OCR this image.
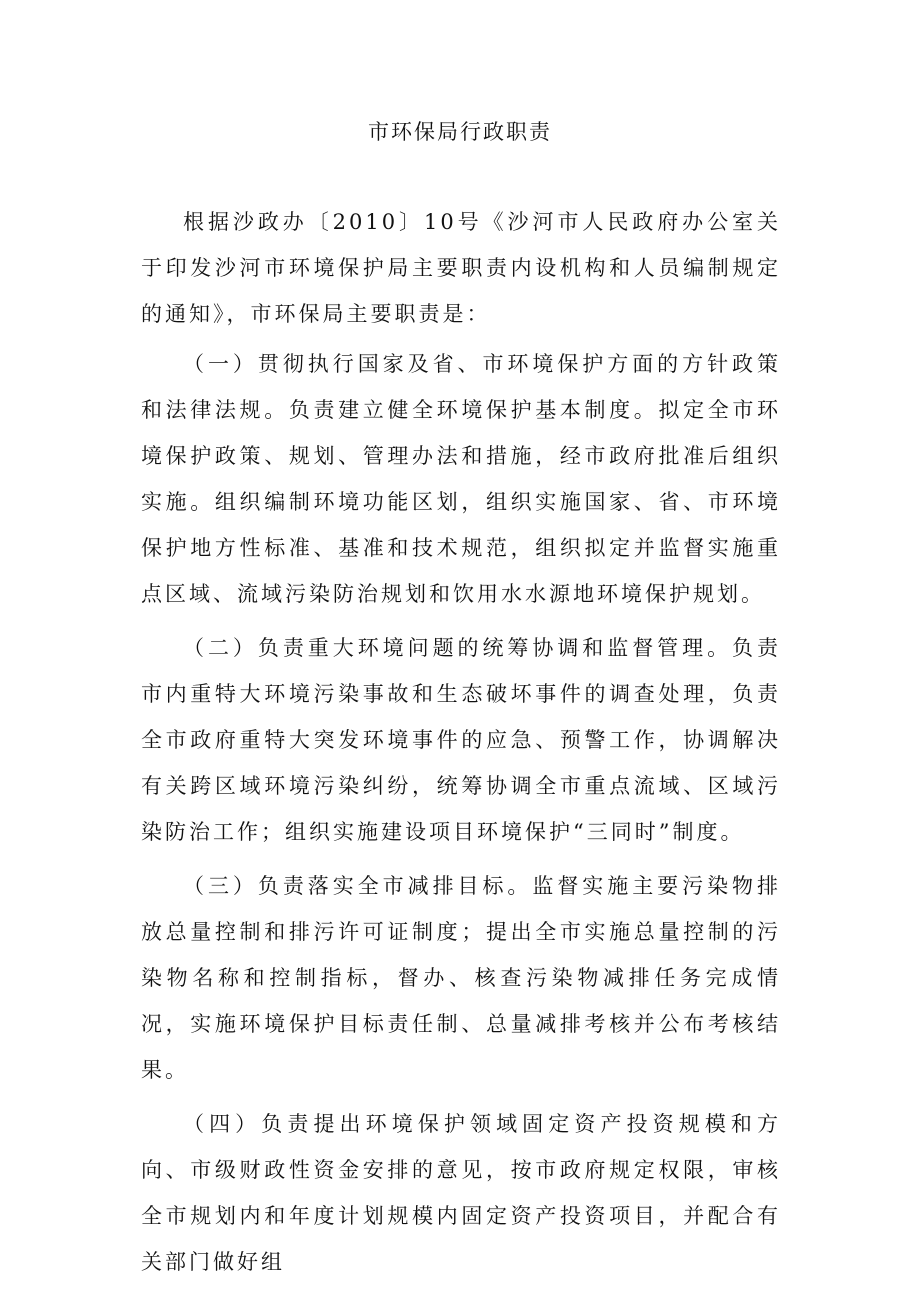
市环保局行政职责

根据沙政办〔2010〕10号《沙河市人民政府办公室关于印发沙河市环境保护局主要职责内设机构和人员编制规定的通知》，市环保局主要职责是：

（一）贯彻执行国家及省、市环境保护方面的方针政策和法律法规。负责建立健全环境保护基本制度。拟定全市环境保护政策、规划、管理办法和措施，经市政府批准后组织实施。组织编制环境功能区划，组织实施国家、省、市环境保护地方性标准、基准和技术规范，组织拟定并监督实施重点区域、流域污染防治规划和饮用水水源地环境保护规划。

（二）负责重大环境问题的统筹协调和监督管理。负责市内重特大环境污染事故和生态破坏事件的调查处理，负责全市政府重特大突发环境事件的应急、预警工作，协调解决有关跨区域环境污染纠纷，统筹协调全市重点流域、区域污染防治工作；组织实施建设项目环境保护“三同时”制度。

（三）负责落实全市减排目标。监督实施主要污染物排放总量控制和排污许可证制度；提出全市实施总量控制的污染物名称和控制指标，督办、核查污染物减排任务完成情况，实施环境保护目标责任制、总量减排考核并公布考核结果。

（四）负责提出环境保护领域固定资产投资规模和方向、市级财政性资金安排的意见，按市政府规定权限，审核全市规划内和年度计划规模内固定资产投资项目，并配合有关部门做好组
